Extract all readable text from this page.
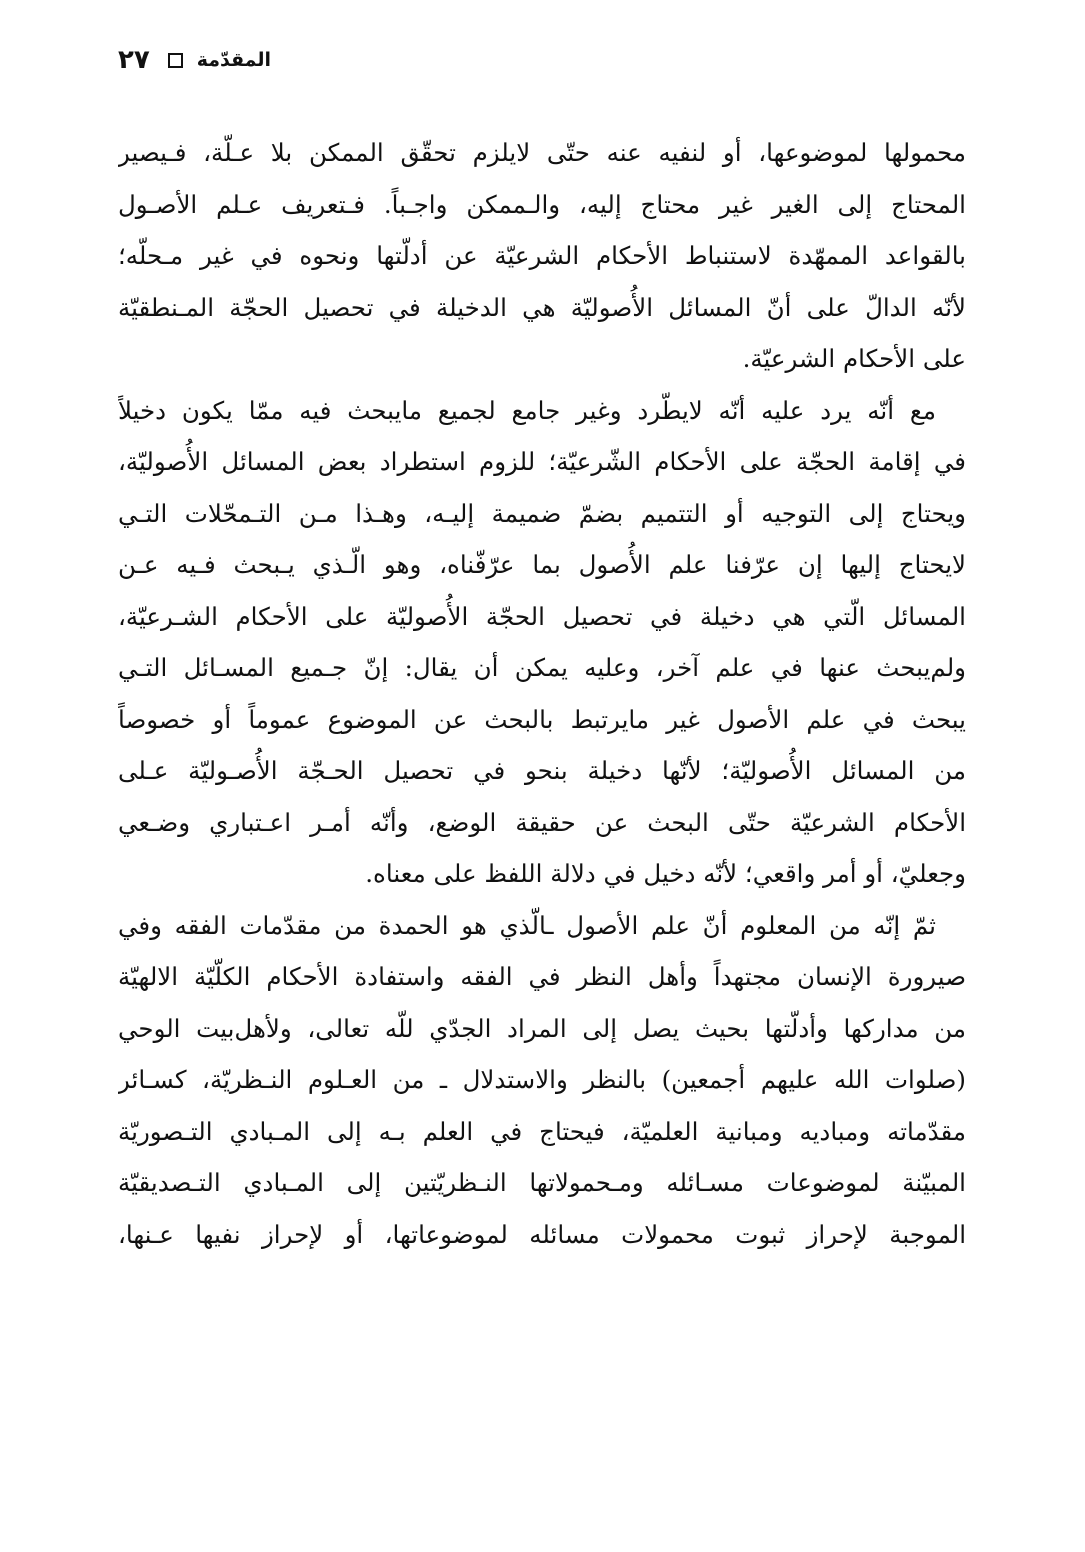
٢٧ المقدّمة
محمولها لموضوعها، أو لنفيه عنه حتّى لايلزم تحقّق الممكن بلا عـلّة، فـيصير
المحتاج إلى الغير غير محتاج إليه، والـممكن واجـباً. فـتعريف عـلم الأصـول
بالقواعد الممهّدة لاستنباط الأحكام الشرعيّة عن أدلّتها ونحوه في غير مـحلّه؛
لأنّه الدالّ على أنّ المسائل الأُصوليّة هي الدخيلة في تحصيل الحجّة المـنطقيّة
على الأحكام الشرعيّة.
مع أنّه يرد عليه أنّه لايطّرد وغير جامع لجميع مايبحث فيه ممّا يكون دخيلاً
في إقامة الحجّة على الأحكام الشّرعيّة؛ للزوم استطراد بعض المسائل الأُصوليّة،
ويحتاج إلى التوجيه أو التتميم بضمّ ضميمة إليـه، وهـذا مـن التـمحّلات التـي
لايحتاج إليها إن عرّفنا علم الأُصول بما عرّفّناه، وهو الّـذي يـبحث فـيه عـن
المسائل الّتي هي دخيلة في تحصيل الحجّة الأُصوليّة على الأحكام الشـرعيّة،
ولم‌يبحث عنها في علم آخر، وعليه يمكن أن يقال: إنّ جـميع المسـائل التـي
يبحث في علم الأصول غير مايرتبط بالبحث عن الموضوع عموماً أو خصوصاً
من المسائل الأُصوليّة؛ لأنّها دخيلة بنحو في تحصيل الحـجّة الأُصـوليّة عـلى
الأحكام الشرعيّة حتّى البحث عن حقيقة الوضع، وأنّه أمـر اعـتباري وضـعي
وجعليّ، أو أمر واقعي؛ لأنّه دخيل في دلالة اللفظ على معناه.
ثمّ إنّه من المعلوم أنّ علم الأصول ـالّذي هو الحمدة من مقدّمات الفقه وفي
صيرورة الإنسان مجتهداً وأهل النظر في الفقه واستفادة الأحكام الكلّيّة الالهيّة
من مداركها وأدلّتها بحيث يصل إلى المراد الجدّي للّه تعالى، ولأهل‌بيت الوحي
(صلوات الله عليهم أجمعين) بالنظر والاستدلال ـ من العـلوم النـظريّة، كسـائر
مقدّماته ومباديه ومبانية العلميّة، فيحتاج في العلم بـه إلى المـبادي التـصوريّة
المبيّنة لموضوعات مسـائله ومـحمولاتها النـظريّتين إلى المـبادي التـصديقيّة
الموجبة لإحراز ثبوت محمولات مسائله لموضوعاتها، أو لإحراز نفيها عـنها،
